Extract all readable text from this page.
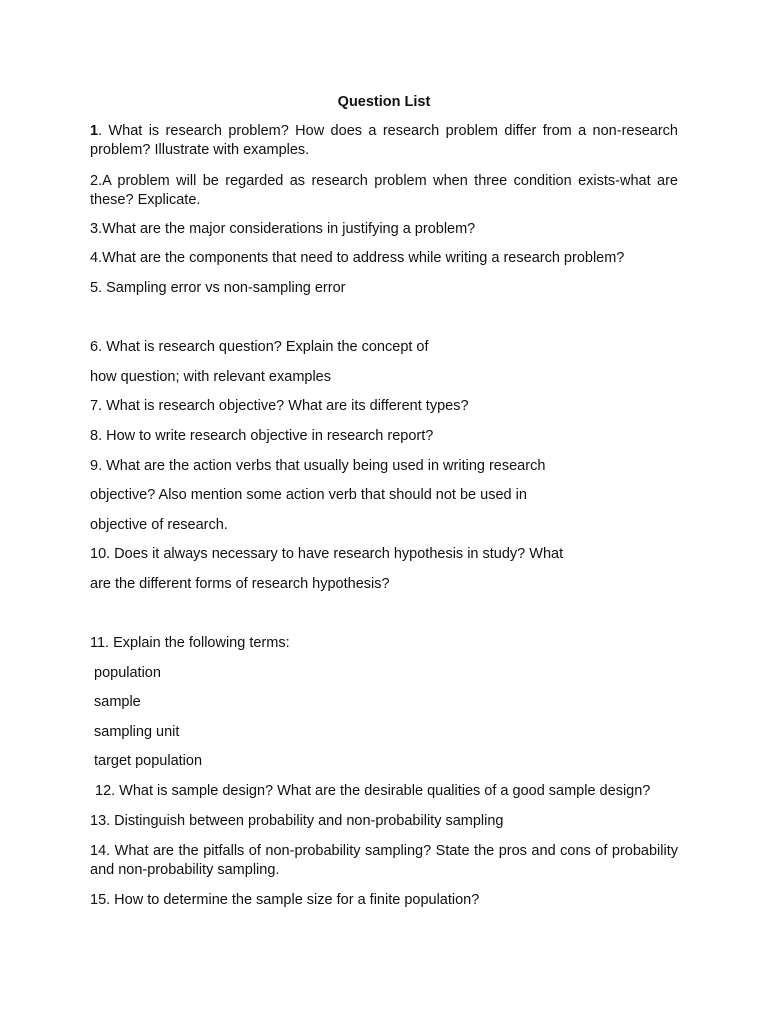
Question List
1. What is research problem? How does a research problem differ from a non-research problem? Illustrate with examples.
2.A problem will be regarded as research problem when three condition exists-what are these? Explicate.
3.What are the major considerations in justifying a problem?
4.What are the components that need to address while writing a research problem?
5. Sampling error vs non-sampling error
6. What is research question? Explain the concept of
how question; with relevant examples
7. What is research objective? What are its different types?
8. How to write research objective in research report?
9. What are the action verbs that usually being used in writing research
objective? Also mention some action verb that should not be used in
objective of research.
10. Does it always necessary to have research hypothesis in study? What
are the different forms of research hypothesis?
11. Explain the following terms:
population
sample
sampling unit
target population
12. What is sample design? What are the desirable qualities of a good sample design?
13. Distinguish between probability and non-probability sampling
14. What are the pitfalls of non-probability sampling? State the pros and cons of probability and non-probability sampling.
15. How to determine the sample size for a finite population?
